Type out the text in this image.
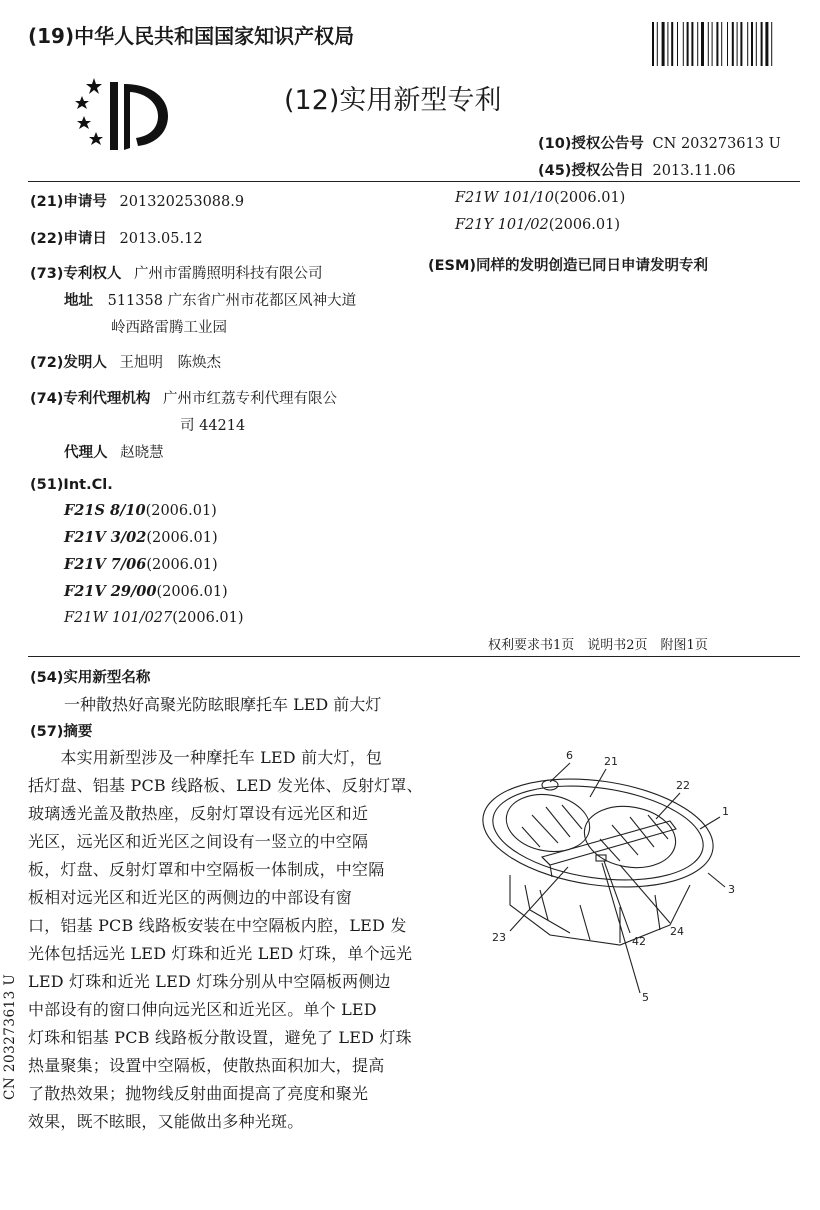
(19)中华人民共和国国家知识产权局
(12)实用新型专利
(10)授权公告号 CN 203273613 U
(45)授权公告日 2013.11.06
(21)申请号 201320253088.9
(22)申请日 2013.05.12
(73)专利权人 广州市雷腾照明科技有限公司
地址 511358 广东省广州市花都区风神大道
岭西路雷腾工业园
(72)发明人 王旭明　陈焕杰
(74)专利代理机构 广州市红荔专利代理有限公
司 44214
代理人 赵晓慧
(51)Int.Cl.
F21S 8/10(2006.01)
F21V 3/02(2006.01)
F21V 7/06(2006.01)
F21V 29/00(2006.01)
F21W 101/027(2006.01)
F21W 101/10(2006.01)
F21Y 101/02(2006.01)
(ESM)同样的发明创造已同日申请发明专利
权利要求书1页　说明书2页　附图1页
(54)实用新型名称
一种散热好高聚光防眩眼摩托车 LED 前大灯
(57)摘要
　　本实用新型涉及一种摩托车 LED 前大灯，包
括灯盘、铝基 PCB 线路板、LED 发光体、反射灯罩、
玻璃透光盖及散热座，反射灯罩设有远光区和近
光区，远光区和近光区之间设有一竖立的中空隔
板，灯盘、反射灯罩和中空隔板一体制成，中空隔
板相对远光区和近光区的两侧边的中部设有窗
口，铝基 PCB 线路板安装在中空隔板内腔，LED 发
光体包括远光 LED 灯珠和近光 LED 灯珠，单个远光
LED 灯珠和近光 LED 灯珠分别从中空隔板两侧边
中部设有的窗口伸向远光区和近光区。单个 LED
灯珠和铝基 PCB 线路板分散设置，避免了 LED 灯珠
热量聚集；设置中空隔板，使散热面积加大，提高
了散热效果；抛物线反射曲面提高了亮度和聚光
效果，既不眩眼，又能做出多种光斑。
6	21
22
1
3
24
42
5
23
CN 203273613 U
